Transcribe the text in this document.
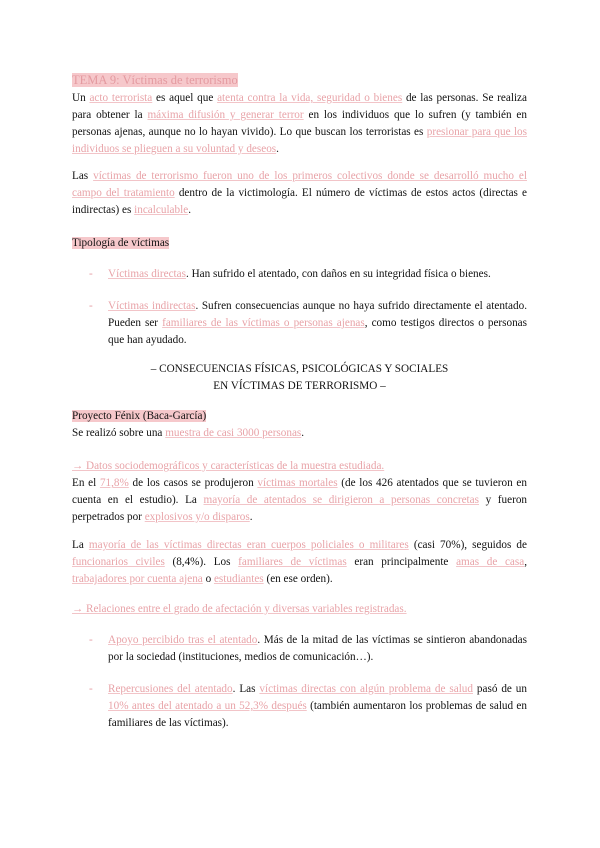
TEMA 9: Víctimas de terrorismo
Un acto terrorista es aquel que atenta contra la vida, seguridad o bienes de las personas. Se realiza para obtener la máxima difusión y generar terror en los individuos que lo sufren (y también en personas ajenas, aunque no lo hayan vivido). Lo que buscan los terroristas es presionar para que los individuos se plieguen a su voluntad y deseos.
Las víctimas de terrorismo fueron uno de los primeros colectivos donde se desarrolló mucho el campo del tratamiento dentro de la victimología. El número de víctimas de estos actos (directas e indirectas) es incalculable.
Tipología de víctimas
- Víctimas directas. Han sufrido el atentado, con daños en su integridad física o bienes.
- Víctimas indirectas. Sufren consecuencias aunque no haya sufrido directamente el atentado. Pueden ser familiares de las víctimas o personas ajenas, como testigos directos o personas que han ayudado.
– CONSECUENCIAS FÍSICAS, PSICOLÓGICAS Y SOCIALES
EN VÍCTIMAS DE TERRORISMO –
Proyecto Fénix (Baca-García)
Se realizó sobre una muestra de casi 3000 personas.
→ Datos sociodemográficos y características de la muestra estudiada.
En el 71,8% de los casos se produjeron víctimas mortales (de los 426 atentados que se tuvieron en cuenta en el estudio). La mayoría de atentados se dirigieron a personas concretas y fueron perpetrados por explosivos y/o disparos.
La mayoría de las víctimas directas eran cuerpos policiales o militares (casi 70%), seguidos de funcionarios civiles (8,4%). Los familiares de víctimas eran principalmente amas de casa, trabajadores por cuenta ajena o estudiantes (en ese orden).
→ Relaciones entre el grado de afectación y diversas variables registradas.
- Apoyo percibido tras el atentado. Más de la mitad de las víctimas se sintieron abandonadas por la sociedad (instituciones, medios de comunicación…).
- Repercusiones del atentado. Las víctimas directas con algún problema de salud pasó de un 10% antes del atentado a un 52,3% después (también aumentaron los problemas de salud en familiares de las víctimas).
